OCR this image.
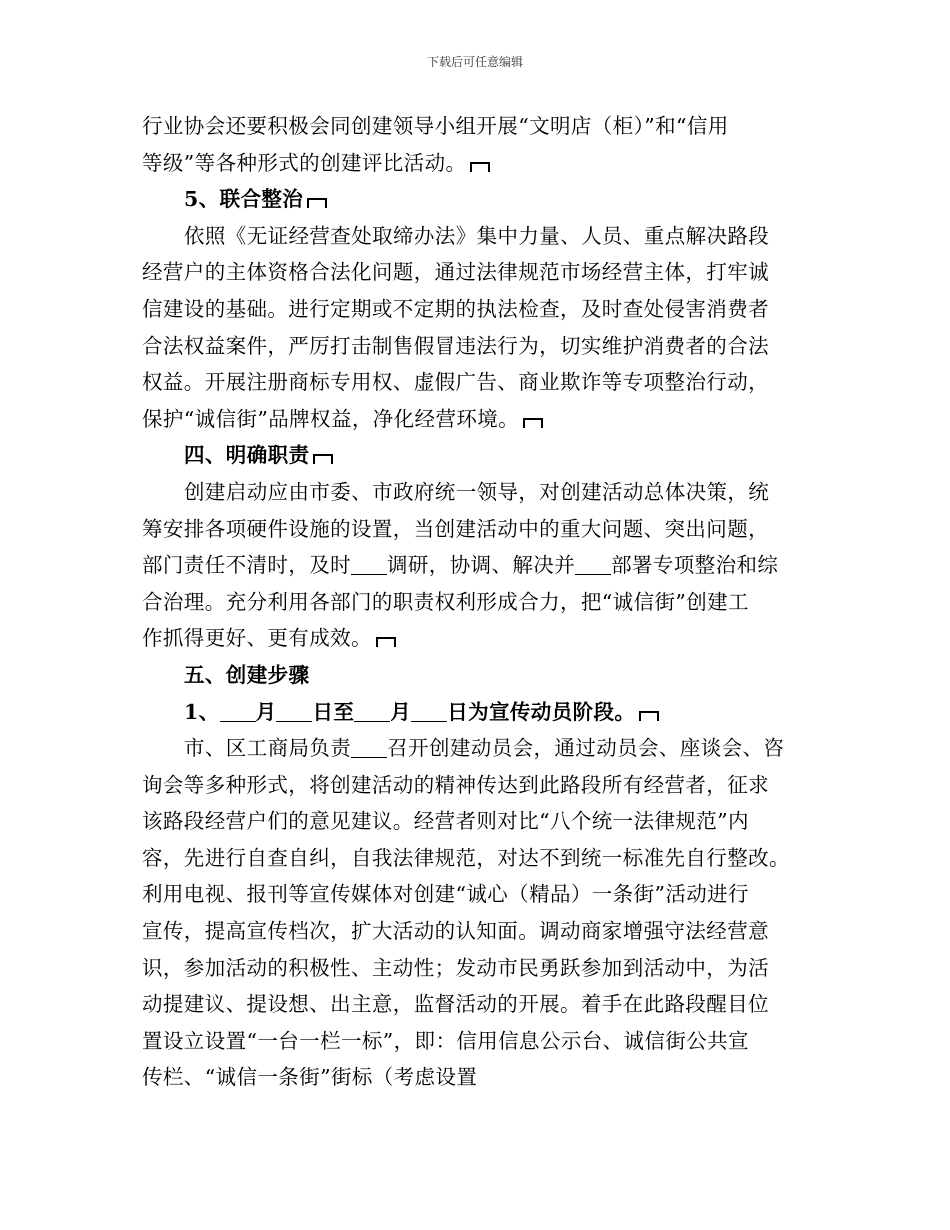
下载后可任意编辑
行业协会还要积极会同创建领导小组开展“文明店（柜）”和“信用
等级”等各种形式的创建评比活动。
5、联合整治
依照《无证经营查处取缔办法》集中力量、人员、重点解决路段
经营户的主体资格合法化问题，通过法律规范市场经营主体，打牢诚
信建设的基础。进行定期或不定期的执法检查，及时查处侵害消费者
合法权益案件，严厉打击制售假冒违法行为，切实维护消费者的合法
权益。开展注册商标专用权、虚假广告、商业欺诈等专项整治行动，
保护“诚信街”品牌权益，净化经营环境。
四、明确职责
创建启动应由市委、市政府统一领导，对创建活动总体决策，统
筹安排各项硬件设施的设置，当创建活动中的重大问题、突出问题，
部门责任不清时，及时 调研，协调、解决并 部署专项整治和综
合治理。充分利用各部门的职责权利形成合力，把“诚信街”创建工
作抓得更好、更有成效。
五、创建步骤
1、 月 日至 月 日为宣传动员阶段。
市、区工商局负责 召开创建动员会，通过动员会、座谈会、咨
询会等多种形式，将创建活动的精神传达到此路段所有经营者，征求
该路段经营户们的意见建议。经营者则对比“八个统一法律规范”内
容，先进行自查自纠，自我法律规范，对达不到统一标准先自行整改。
利用电视、报刊等宣传媒体对创建“诚心（精品）一条街”活动进行
宣传，提高宣传档次，扩大活动的认知面。调动商家增强守法经营意
识，参加活动的积极性、主动性；发动市民勇跃参加到活动中，为活
动提建议、提设想、出主意，监督活动的开展。着手在此路段醒目位
置设立设置“一台一栏一标”，即：信用信息公示台、诚信街公共宣
传栏、“诚信一条街”街标（考虑设置
